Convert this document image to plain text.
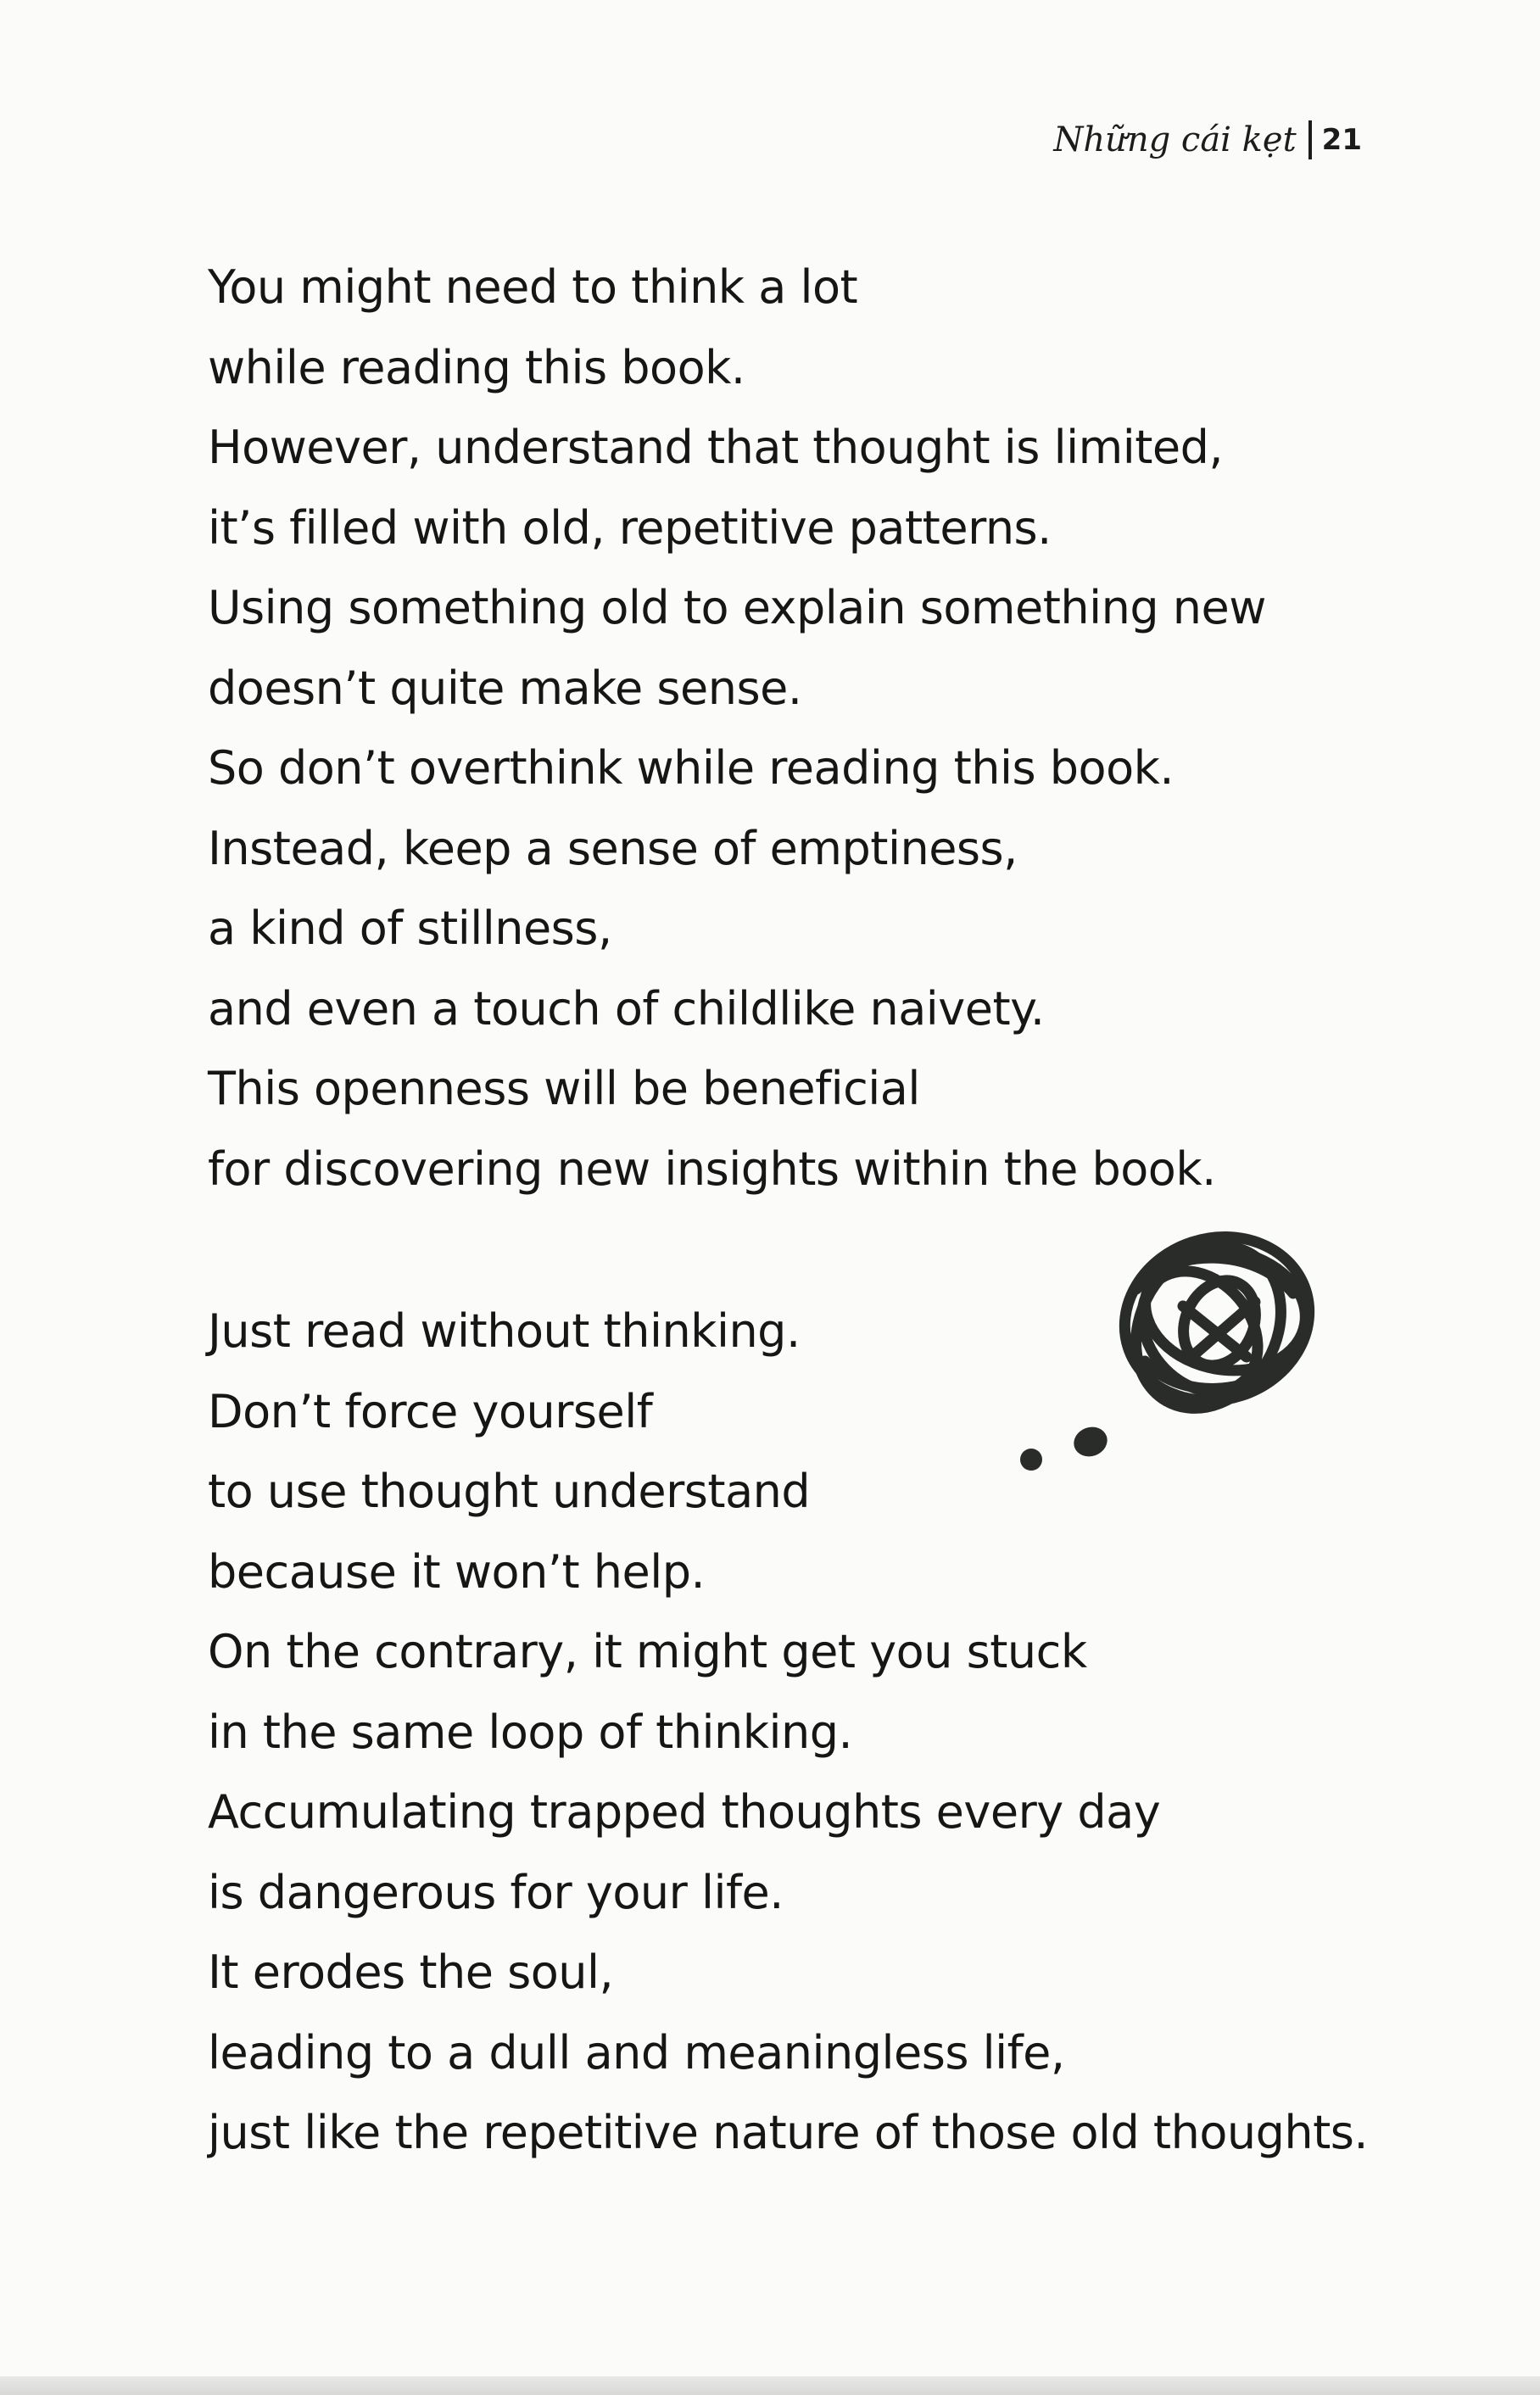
Những cái kẹt 21
You might need to think a lot
while reading this book.
However, understand that thought is limited,
it’s filled with old, repetitive patterns.
Using something old to explain something new
doesn’t quite make sense.
So don’t overthink while reading this book.
Instead, keep a sense of emptiness,
a kind of stillness,
and even a touch of childlike naivety.
This openness will be beneficial
for discovering new insights within the book.
Just read without thinking.
Don’t force yourself
to use thought understand
because it won’t help.
On the contrary, it might get you stuck
in the same loop of thinking.
Accumulating trapped thoughts every day
is dangerous for your life.
It erodes the soul,
leading to a dull and meaningless life,
just like the repetitive nature of those old thoughts.
